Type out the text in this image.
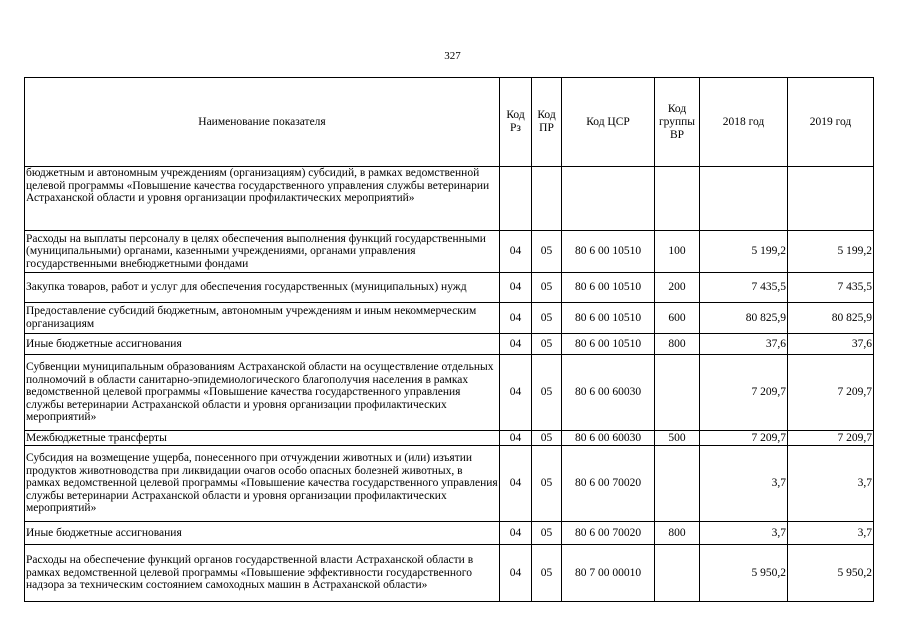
327
Наименование показателя	Код Рз	Код ПР	Код ЦСР	Код группы ВР	2018 год	2019 год
бюджетным и автономным учреждениям (организациям) субсидий, в рамках ведомственной целевой программы «Повышение качества государственного управления службы ветеринарии Астраханской области и уровня организации профилактических мероприятий»						
Расходы на выплаты персоналу в целях обеспечения выполнения функций государственными (муниципальными) органами, казенными учреждениями, органами управления государственными внебюджетными фондами	04	05	80 6 00 10510	100	5 199,2	5 199,2
Закупка товаров, работ и услуг для обеспечения государственных (муниципальных) нужд	04	05	80 6 00 10510	200	7 435,5	7 435,5
Предоставление субсидий бюджетным, автономным учреждениям и иным некоммерческим организациям	04	05	80 6 00 10510	600	80 825,9	80 825,9
Иные бюджетные ассигнования	04	05	80 6 00 10510	800	37,6	37,6
Субвенции муниципальным образованиям Астраханской области на осуществление отдельных полномочий в области санитарно-эпидемиологического благополучия населения в рамках ведомственной целевой программы «Повышение качества государственного управления службы ветеринарии Астраханской области и уровня организации профилактических мероприятий»	04	05	80 6 00 60030		7 209,7	7 209,7
Межбюджетные трансферты	04	05	80 6 00 60030	500	7 209,7	7 209,7
Субсидия на возмещение ущерба, понесенного при отчуждении животных и (или) изъятии продуктов животноводства при ликвидации очагов особо опасных болезней животных, в рамках ведомственной целевой программы «Повышение качества государственного управления службы ветеринарии Астраханской области и уровня организации профилактических мероприятий»	04	05	80 6 00 70020		3,7	3,7
Иные бюджетные ассигнования	04	05	80 6 00 70020	800	3,7	3,7
Расходы на обеспечение функций органов государственной власти Астраханской области в рамках ведомственной целевой программы «Повышение эффективности государственного надзора за техническим состоянием самоходных машин в Астраханской области»	04	05	80 7 00 00010		5 950,2	5 950,2
